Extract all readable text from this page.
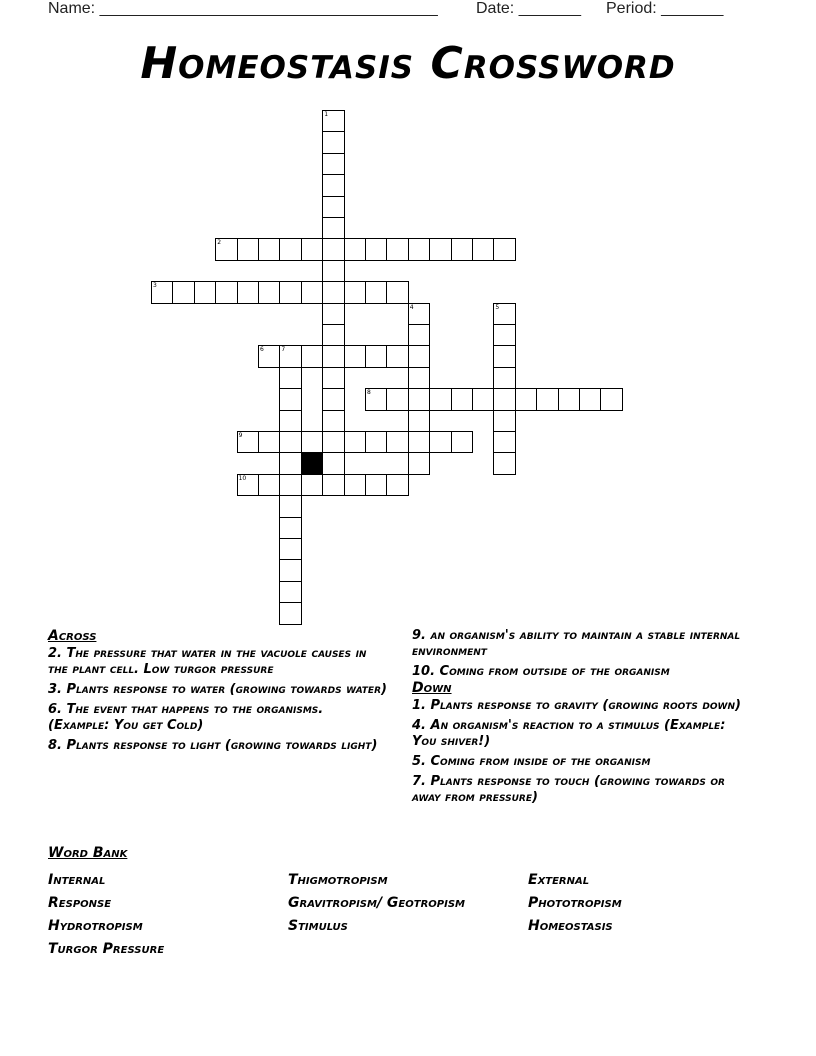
Name: ______________________________________ Date: _______ Period: _______
Homeostasis Crossword
1
2
3
4	5
6	7
8
9
10
Across
2. The pressure that water in the vacuole causes in the plant cell. Low turgor pressure
3. Plants response to water (growing towards water)
6. The event that happens to the organisms. (Example: You get Cold)
8. Plants response to light (growing towards light)
9. an organism's ability to maintain a stable internal environment
10. Coming from outside of the organism
Down
1. Plants response to gravity (growing roots down)
4. An organism's reaction to a stimulus (Example: You shiver!)
5. Coming from inside of the organism
7. Plants response to touch (growing towards or away from pressure)
Word Bank
Internal
Response
Hydrotropism
Turgor Pressure
Thigmotropism
Gravitropism/ Geotropism
Stimulus
External
Phototropism
Homeostasis
